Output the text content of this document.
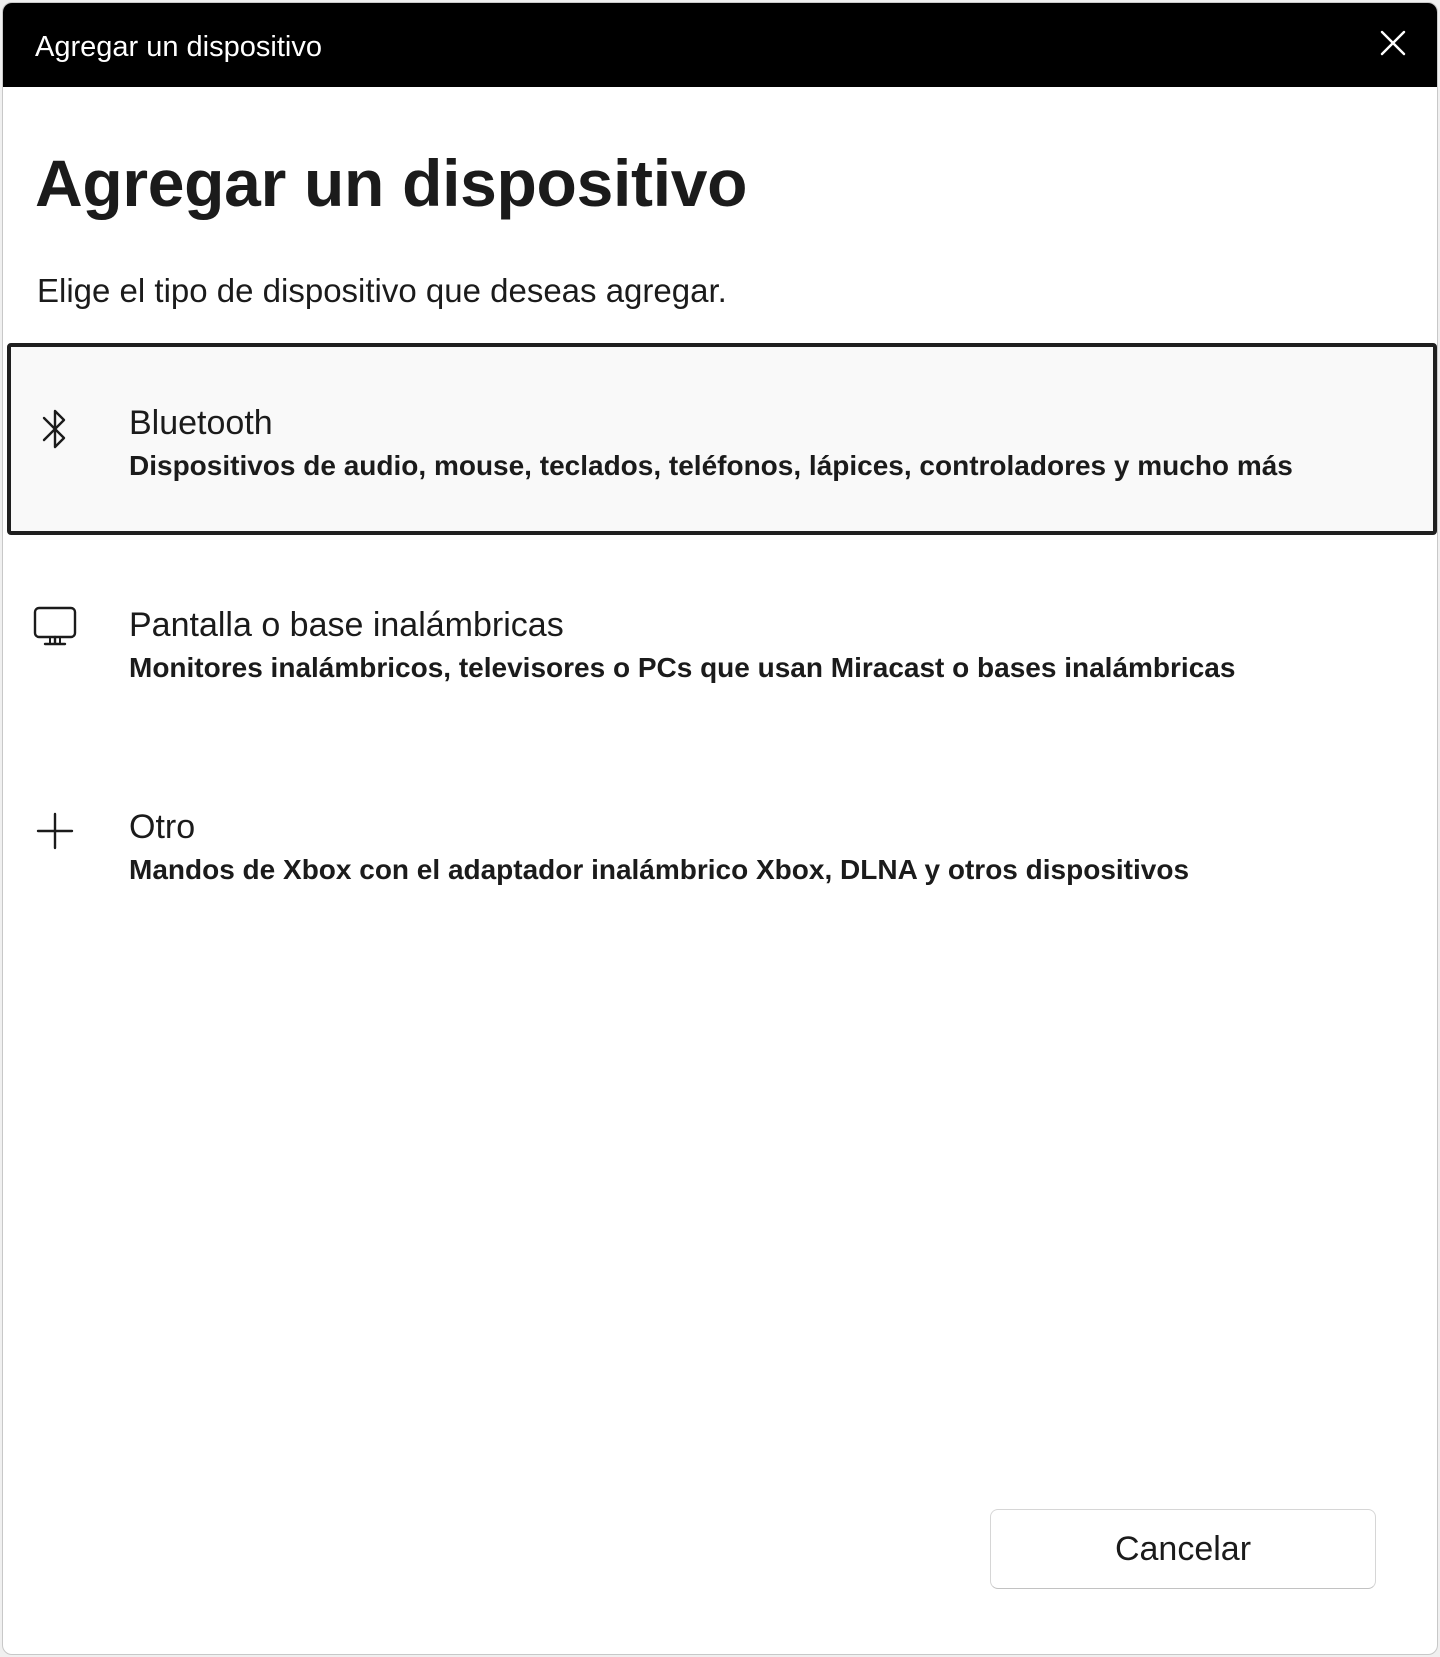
Agregar un dispositivo
Agregar un dispositivo
Elige el tipo de dispositivo que deseas agregar.
Bluetooth
Dispositivos de audio, mouse, teclados, teléfonos, lápices, controladores y mucho más
Pantalla o base inalámbricas
Monitores inalámbricos, televisores o PCs que usan Miracast o bases inalámbricas
Otro
Mandos de Xbox con el adaptador inalámbrico Xbox, DLNA y otros dispositivos
Cancelar
